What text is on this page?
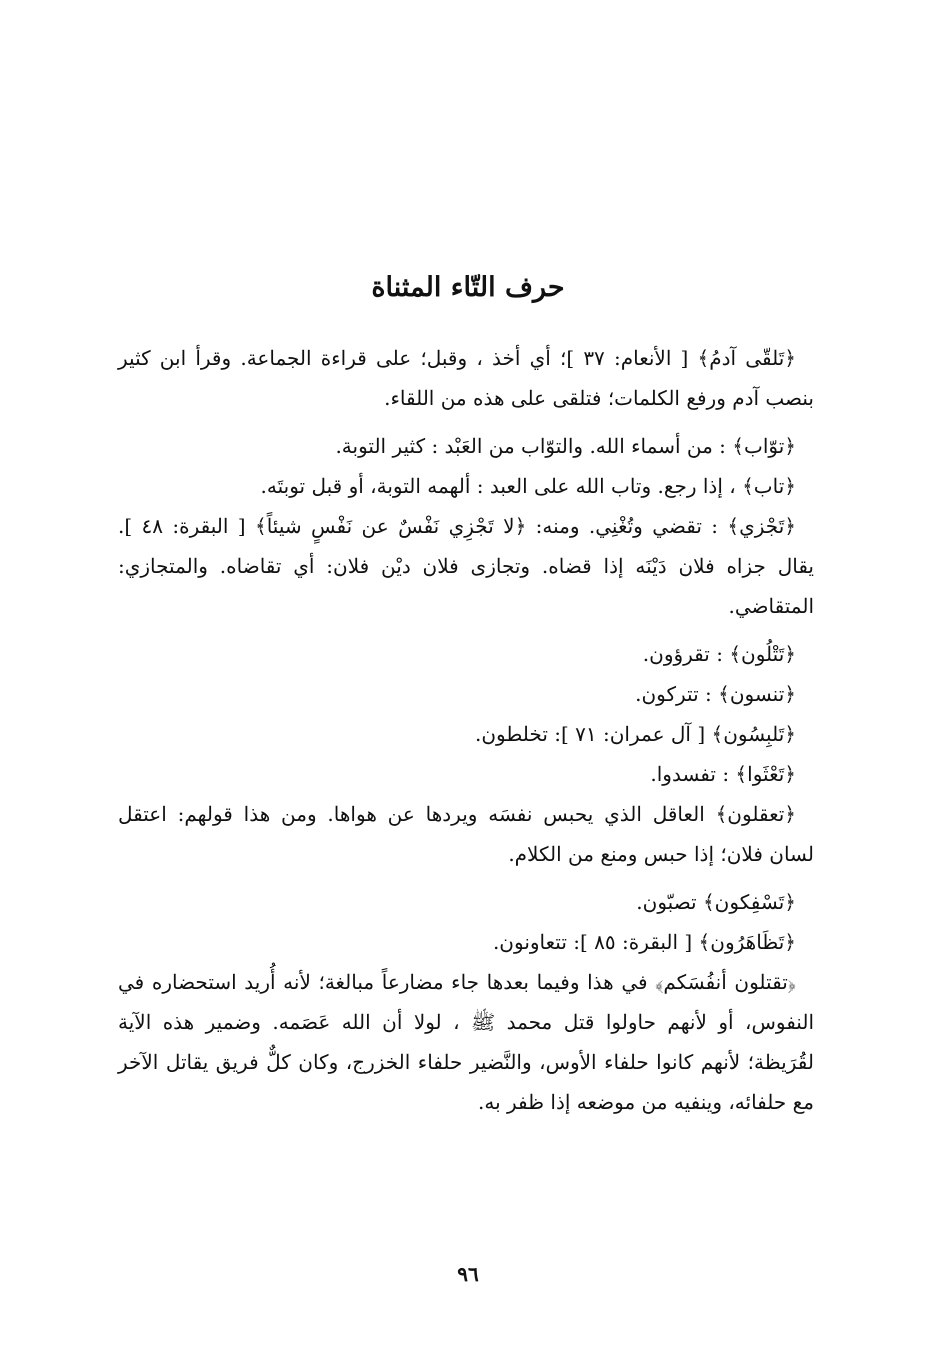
حرف التّاء المثناة

﴿تَلقّى آدمُ﴾ [ الأنعام: ٣٧ ]؛ أي أخذ ، وقبل؛ على قراءة الجماعة. وقرأ ابن كثير بنصب آدم ورفع الكلمات؛ فتلقى على هذه من اللقاء.

﴿توّاب﴾ : من أسماء الله. والتوّاب من العَبْد : كثير التوبة.

﴿تاب﴾ ، إذا رجع. وتاب الله على العبد : ألهمه التوبة، أو قبل توبتَه.

﴿تَجْزي﴾ : تقضي وتُغْنِي. ومنه: ﴿لا تَجْزِي نَفْسٌ عن نَفْسٍ شيئاً﴾ [ البقرة: ٤٨ ]. يقال جزاه فلان دَيْنَه إذا قضاه. وتجازى فلان ديْن فلان: أي تقاضاه. والمتجازي: المتقاضي.

﴿تَتْلُون﴾ : تقرؤون.

﴿تنسون﴾ : تتركون.

﴿تَلبِسُون﴾ [ آل عمران: ٧١ ]: تخلطون.

﴿تَعْثَوا﴾ : تفسدوا.

﴿تعقلون﴾ العاقل الذي يحبس نفسَه ويردها عن هواها. ومن هذا قولهم: اعتقل لسان فلان؛ إذا حبس ومنع من الكلام.

﴿تَسْفِكون﴾ تصبّون.

﴿تَظَاهَرُون﴾ [ البقرة: ٨٥ ]: تتعاونون.

﴿تقتلون أنفُسَكم﴾ في هذا وفيما بعدها جاء مضارعاً مبالغة؛ لأنه أُريد استحضاره في النفوس، أو لأنهم حاولوا قتل محمد ﷺ ، لولا أن الله عَصَمه. وضمير هذه الآية لقُرَيظة؛ لأنهم كانوا حلفاء الأوس، والنَّضير حلفاء الخزرج، وكان كلٌّ فريق يقاتل الآخر مع حلفائه، وينفيه من موضعه إذا ظفر به.

٩٦
